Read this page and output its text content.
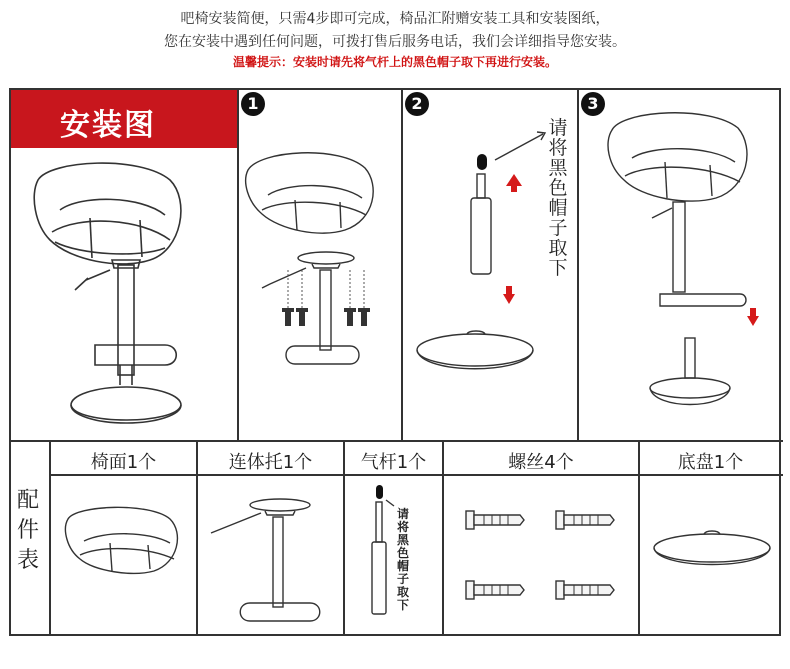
吧椅安装简便，只需4步即可完成，椅品汇附赠安装工具和安装图纸，
您在安装中遇到任何问题，可拨打售后服务电话，我们会详细指导您安装。
温馨提示：安装时请先将气杆上的黑色帽子取下再进行安装。
安装图
1	2
请
将
黑
色
帽
子
取
下
3
配
件
表
椅面1个	连体托1个	气杆1个	螺丝4个	底盘1个
请
将
黑
色
帽
子
取
下
